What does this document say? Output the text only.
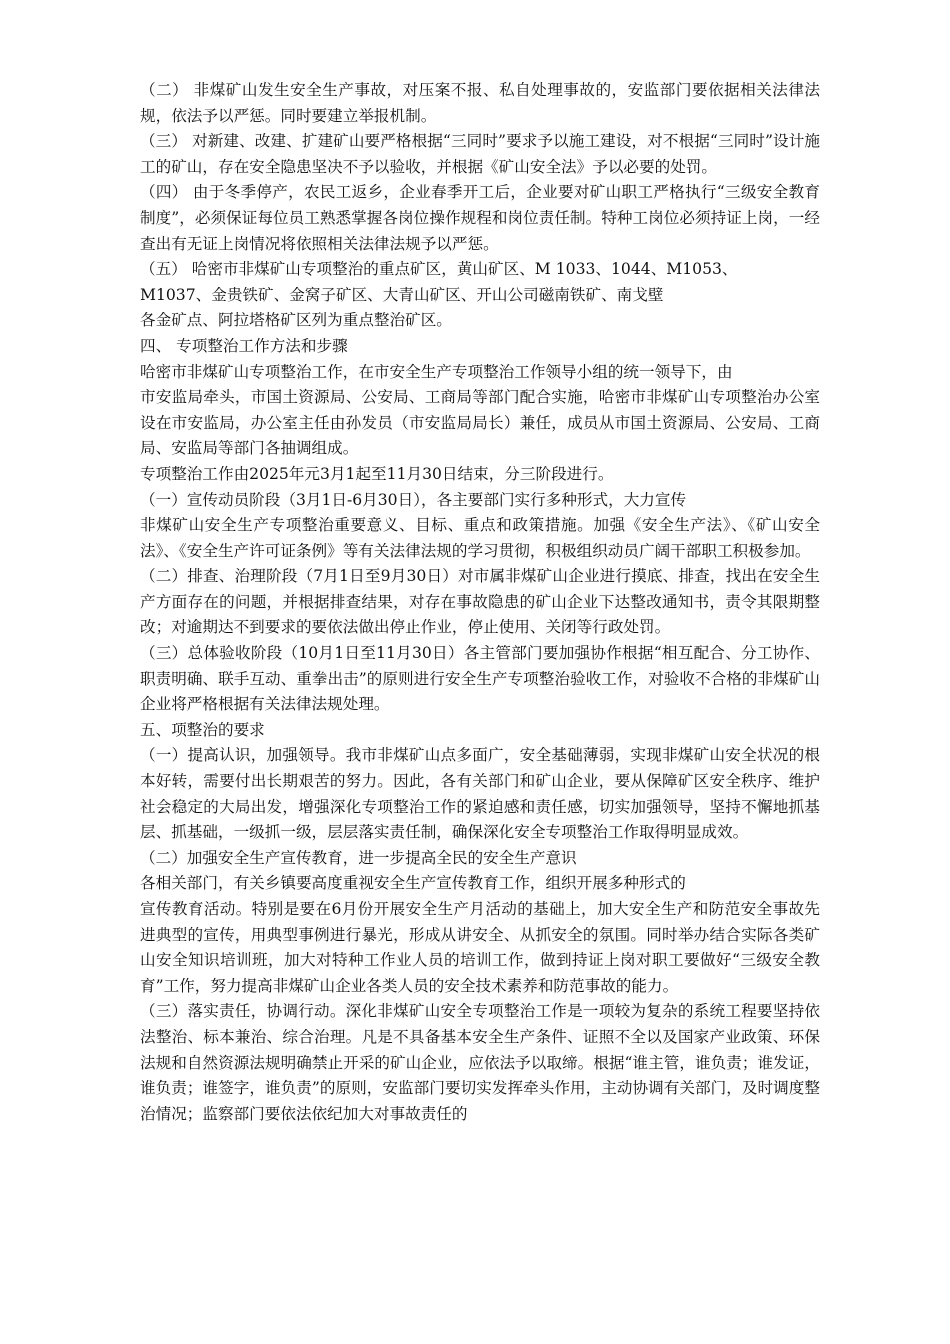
（二） 非煤矿山发生安全生产事故，对压案不报、私自处理事故的，安监部门要依据相关法律法规，依法予以严惩。同时要建立举报机制。

（三） 对新建、改建、扩建矿山要严格根据“三同时”要求予以施工建设，对不根据“三同时”设计施工的矿山，存在安全隐患坚决不予以验收，并根据《矿山安全法》予以必要的处罚。

（四） 由于冬季停产，农民工返乡，企业春季开工后，企业要对矿山职工严格执行“三级安全教育制度”，必须保证每位员工熟悉掌握各岗位操作规程和岗位责任制。特种工岗位必须持证上岗，一经查出有无证上岗情况将依照相关法律法规予以严惩。

（五） 哈密市非煤矿山专项整治的重点矿区，黄山矿区、M 1033、1044、M1053、

M1037、金贵铁矿、金窝子矿区、大青山矿区、开山公司磁南铁矿、南戈壁

各金矿点、阿拉塔格矿区列为重点整治矿区。

四、 专项整治工作方法和步骤

哈密市非煤矿山专项整治工作，在市安全生产专项整治工作领导小组的统一领导下，由

市安监局牵头，市国土资源局、公安局、工商局等部门配合实施，哈密市非煤矿山专项整治办公室设在市安监局，办公室主任由孙发员（市安监局局长）兼任，成员从市国土资源局、公安局、工商局、安监局等部门各抽调组成。

专项整治工作由2025年元3月1起至11月30日结束，分三阶段进行。

（一）宣传动员阶段（3月1日-6月30日），各主要部门实行多种形式，大力宣传

非煤矿山安全生产专项整治重要意义、目标、重点和政策措施。加强《安全生产法》、《矿山安全法》、《安全生产许可证条例》等有关法律法规的学习贯彻，积极组织动员广阔干部职工积极参加。

（二）排查、治理阶段（7月1日至9月30日）对市属非煤矿山企业进行摸底、排查，找出在安全生产方面存在的问题，并根据排查结果，对存在事故隐患的矿山企业下达整改通知书，责令其限期整改；对逾期达不到要求的要依法做出停止作业，停止使用、关闭等行政处罚。

（三）总体验收阶段（10月1日至11月30日）各主管部门要加强协作根据“相互配合、分工协作、职责明确、联手互动、重拳出击”的原则进行安全生产专项整治验收工作，对验收不合格的非煤矿山企业将严格根据有关法律法规处理。

五、项整治的要求

（一）提高认识，加强领导。我市非煤矿山点多面广，安全基础薄弱，实现非煤矿山安全状况的根本好转，需要付出长期艰苦的努力。因此，各有关部门和矿山企业，要从保障矿区安全秩序、维护社会稳定的大局出发，增强深化专项整治工作的紧迫感和责任感，切实加强领导，坚持不懈地抓基层、抓基础，一级抓一级，层层落实责任制，确保深化安全专项整治工作取得明显成效。

（二）加强安全生产宣传教育，进一步提高全民的安全生产意识

各相关部门，有关乡镇要高度重视安全生产宣传教育工作，组织开展多种形式的

宣传教育活动。特别是要在6月份开展安全生产月活动的基础上，加大安全生产和防范安全事故先进典型的宣传，用典型事例进行暴光，形成从讲安全、从抓安全的氛围。同时举办结合实际各类矿山安全知识培训班，加大对特种工作业人员的培训工作，做到持证上岗对职工要做好“三级安全教育”工作，努力提高非煤矿山企业各类人员的安全技术素养和防范事故的能力。

（三）落实责任，协调行动。深化非煤矿山安全专项整治工作是一项较为复杂的系统工程要坚持依法整治、标本兼治、综合治理。凡是不具备基本安全生产条件、证照不全以及国家产业政策、环保法规和自然资源法规明确禁止开采的矿山企业，应依法予以取缔。根据“谁主管，谁负责；谁发证，谁负责；谁签字，谁负责”的原则，安监部门要切实发挥牵头作用，主动协调有关部门，及时调度整治情况；监察部门要依法依纪加大对事故责任的
